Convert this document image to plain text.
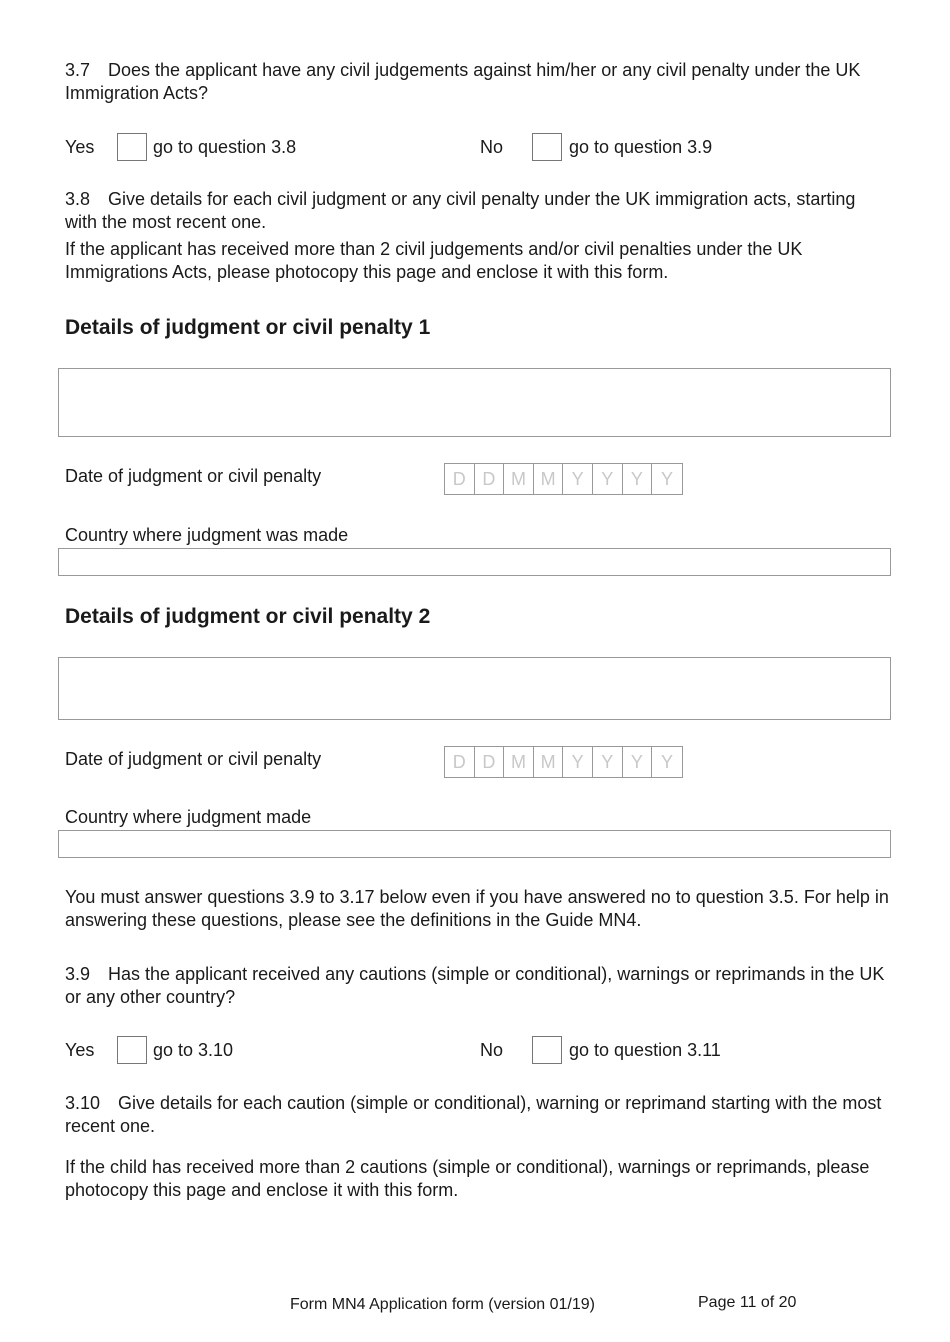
3.7 Does the applicant have any civil judgements against him/her or any civil penalty under the UK Immigration Acts?

Yes	go to question 3.8	No	go to question 3.9

3.8 Give details for each civil judgment or any civil penalty under the UK immigration acts, starting with the most recent one.

If the applicant has received more than 2 civil judgements and/or civil penalties under the UK Immigrations Acts, please photocopy this page and enclose it with this form.

Details of judgment or civil penalty 1
Date of judgment or civil penalty	D D M M Y Y Y	Y
Country where judgment was made
Details of judgment or civil penalty 2
Date of judgment or civil penalty	D D M M Y Y Y	Y
Country where judgment made

You must answer questions 3.9 to 3.17 below even if you have answered no to question 3.5. For help in answering these questions, please see the definitions in the Guide MN4.

3.9 Has the applicant received any cautions (simple or conditional), warnings or reprimands in the UK or any other country?

Yes	go to 3.10	No	go to question 3.11

3.10 Give details for each caution (simple or conditional), warning or reprimand starting with the most recent one.

If the child has received more than 2 cautions (simple or conditional), warnings or reprimands, please photocopy this page and enclose it with this form.

Form MN4 Application form (version 01/19)	Page 11 of 20
